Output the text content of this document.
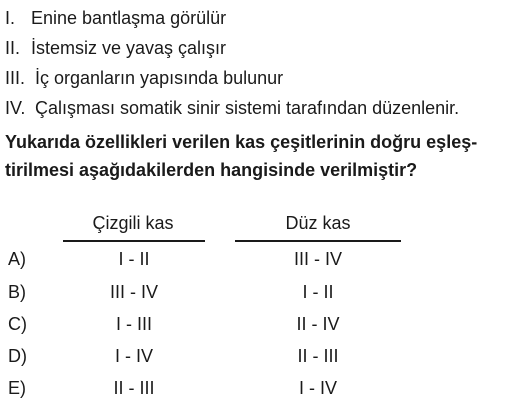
I. Enine bantlaşma görülür
II. İstemsiz ve yavaş çalışır
III. İç organların yapısında bulunur
IV. Çalışması somatik sinir sistemi tarafından düzenlenir.
Yukarıda özellikleri verilen kas çeşitlerinin doğru eşleş-
tirilmesi aşağıdakilerden hangisinde verilmiştir?
Çizgili kas	Düz kas
A)	I - II	III - IV
B)	III - IV	I - II
C)	I - III	II - IV
D)	I - IV	II - III
E)	II - III	I - IV
